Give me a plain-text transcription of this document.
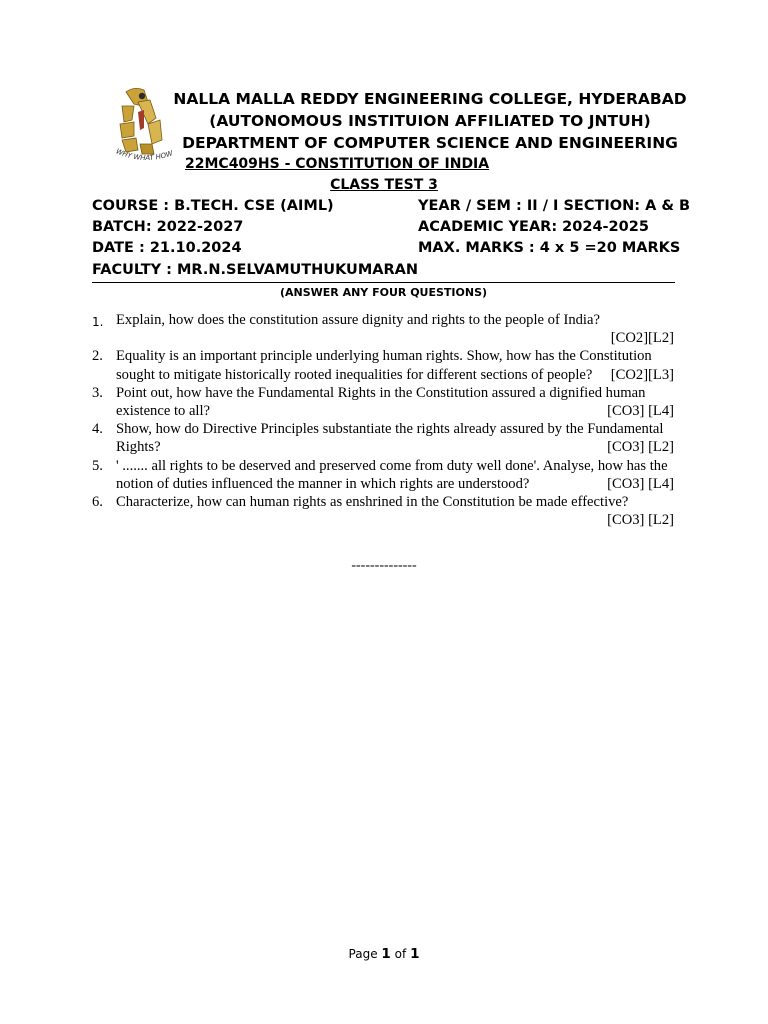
WHY WHAT HOW
NALLA MALLA REDDY ENGINEERING COLLEGE, HYDERABAD
(AUTONOMOUS INSTITUION AFFILIATED TO JNTUH)
DEPARTMENT OF COMPUTER SCIENCE AND ENGINEERING
22MC409HS - CONSTITUTION OF INDIA
CLASS TEST 3
COURSE : B.TECH. CSE (AIML)	YEAR / SEM : II / I SECTION: A & B
BATCH: 2022-2027	ACADEMIC YEAR: 2024-2025
DATE : 21.10.2024	MAX. MARKS : 4 x 5 =20 MARKS
FACULTY : MR.N.SELVAMUTHUKUMARAN
(ANSWER ANY FOUR QUESTIONS)
1. Explain, how does the constitution assure dignity and rights to the people of India?
[CO2][L2]
2. Equality is an important principle underlying human rights. Show, how has the Constitution sought to mitigate historically rooted inequalities for different sections of people? [CO2][L3]
3. Point out, how have the Fundamental Rights in the Constitution assured a dignified human existence to all?	[CO3] [L4]
4. Show, how do Directive Principles substantiate the rights already assured by the Fundamental Rights?	[CO3] [L2]
5. ' ....... all rights to be deserved and preserved come from duty well done'. Analyse, how has the notion of duties influenced the manner in which rights are understood?	[CO3] [L4]
6. Characterize, how can human rights as enshrined in the Constitution be made effective?
[CO3] [L2]
--------------
Page 1 of 1
